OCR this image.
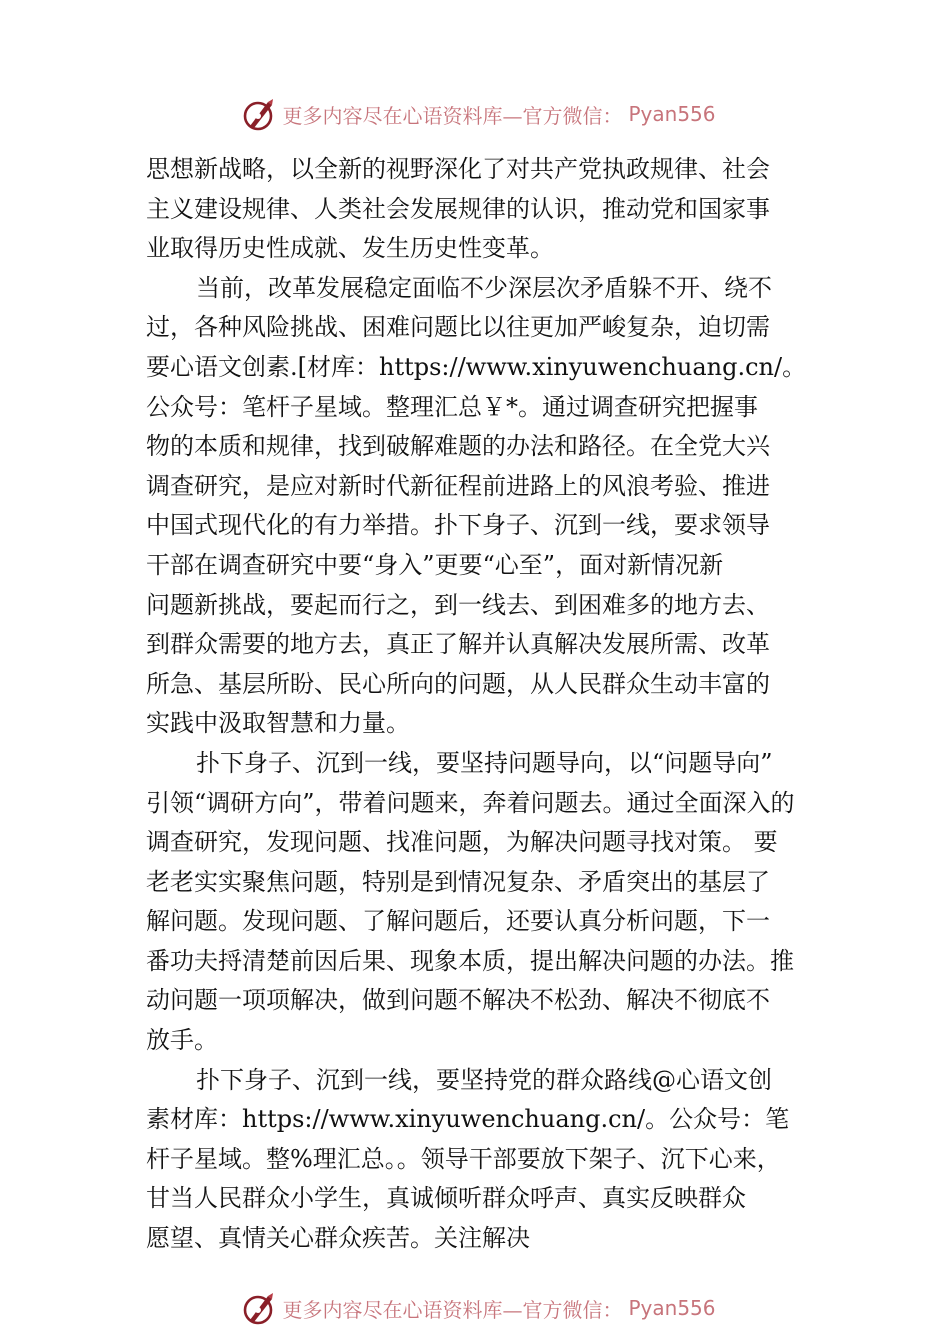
更多内容尽在心语资料库—官方微信： Pyan556
思想新战略，以全新的视野深化了对共产党执政规律、社会
主义建设规律、人类社会发展规律的认识，推动党和国家事
业取得历史性成就、发生历史性变革。
当前，改革发展稳定面临不少深层次矛盾躲不开、绕不
过，各种风险挑战、困难问题比以往更加严峻复杂，迫切需
要心语文创素.[材库：https://www.xinyuwenchuang.cn/。
公众号：笔杆子星域。整理汇总￥*。通过调查研究把握事
物的本质和规律，找到破解难题的办法和路径。在全党大兴
调查研究，是应对新时代新征程前进路上的风浪考验、推进
中国式现代化的有力举措。扑下身子、沉到一线，要求领导
干部在调查研究中要“身入”更要“心至”，面对新情况新
问题新挑战，要起而行之，到一线去、到困难多的地方去、
到群众需要的地方去，真正了解并认真解决发展所需、改革
所急、基层所盼、民心所向的问题，从人民群众生动丰富的
实践中汲取智慧和力量。
扑下身子、沉到一线，要坚持问题导向，以“问题导向”
引领“调研方向”，带着问题来，奔着问题去。通过全面深入的
调查研究，发现问题、找准问题，为解决问题寻找对策。 要
老老实实聚焦问题，特别是到情况复杂、矛盾突出的基层了
解问题。发现问题、了解问题后，还要认真分析问题，下一
番功夫捋清楚前因后果、现象本质，提出解决问题的办法。推
动问题一项项解决，做到问题不解决不松劲、解决不彻底不
放手。
扑下身子、沉到一线，要坚持党的群众路线@心语文创
素材库：https://www.xinyuwenchuang.cn/。公众号：笔
杆子星域。整%理汇总。。领导干部要放下架子、沉下心来，
甘当人民群众小学生，真诚倾听群众呼声、真实反映群众
愿望、真情关心群众疾苦。关注解决
更多内容尽在心语资料库—官方微信： Pyan556
